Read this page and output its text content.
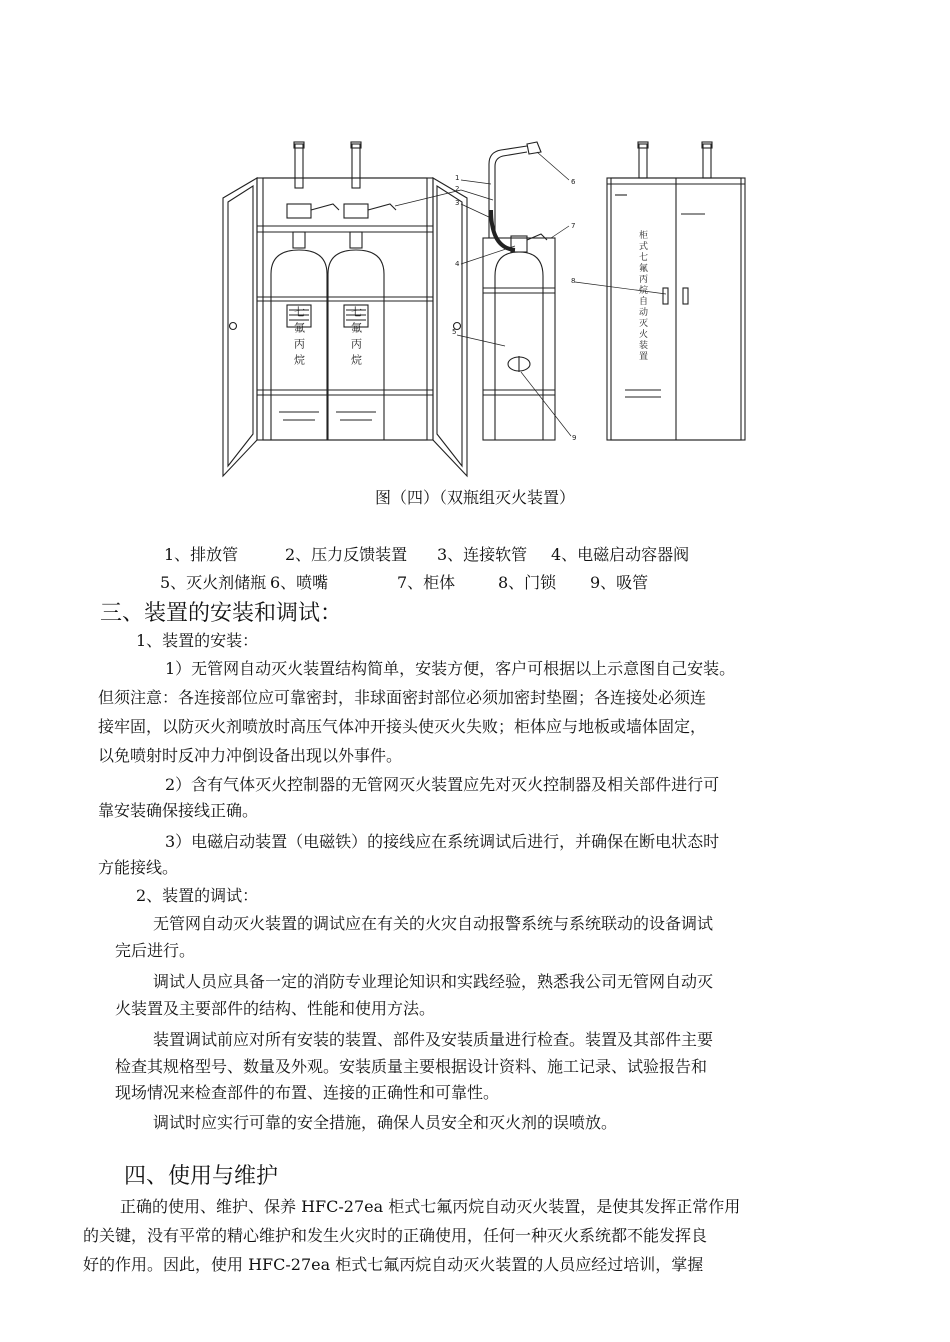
1
2
3
4
5
6
7
8
9
七氟丙烷	七氟丙烷	柜式七氟丙烷自动灭火装置
图（四）（双瓶组灭火装置）
1、排放管	2、压力反馈装置 3、连接软管 4、电磁启动容器阀
5、灭火剂储瓶 6、喷嘴	7、柜体	8、门锁 9、吸管
三、装置的安装和调试：
1、装置的安装：
1）无管网自动灭火装置结构简单，安装方便，客户可根据以上示意图自己安装。
但须注意：各连接部位应可靠密封，非球面密封部位必须加密封垫圈；各连接处必须连
接牢固，以防灭火剂喷放时高压气体冲开接头使灭火失败；柜体应与地板或墙体固定，
以免喷射时反冲力冲倒设备出现以外事件。
2）含有气体灭火控制器的无管网灭火装置应先对灭火控制器及相关部件进行可
靠安装确保接线正确。
3）电磁启动装置（电磁铁）的接线应在系统调试后进行，并确保在断电状态时
方能接线。
2、装置的调试：
无管网自动灭火装置的调试应在有关的火灾自动报警系统与系统联动的设备调试
完后进行。
调试人员应具备一定的消防专业理论知识和实践经验，熟悉我公司无管网自动灭
火装置及主要部件的结构、性能和使用方法。
装置调试前应对所有安装的装置、部件及安装质量进行检查。装置及其部件主要
检查其规格型号、数量及外观。安装质量主要根据设计资料、施工记录、试验报告和
现场情况来检查部件的布置、连接的正确性和可靠性。
调试时应实行可靠的安全措施，确保人员安全和灭火剂的误喷放。
四、使用与维护
正确的使用、维护、保养 HFC-27ea 柜式七氟丙烷自动灭火装置，是使其发挥正常作用
的关键，没有平常的精心维护和发生火灾时的正确使用，任何一种灭火系统都不能发挥良
好的作用。因此，使用 HFC-27ea 柜式七氟丙烷自动灭火装置的人员应经过培训，掌握
